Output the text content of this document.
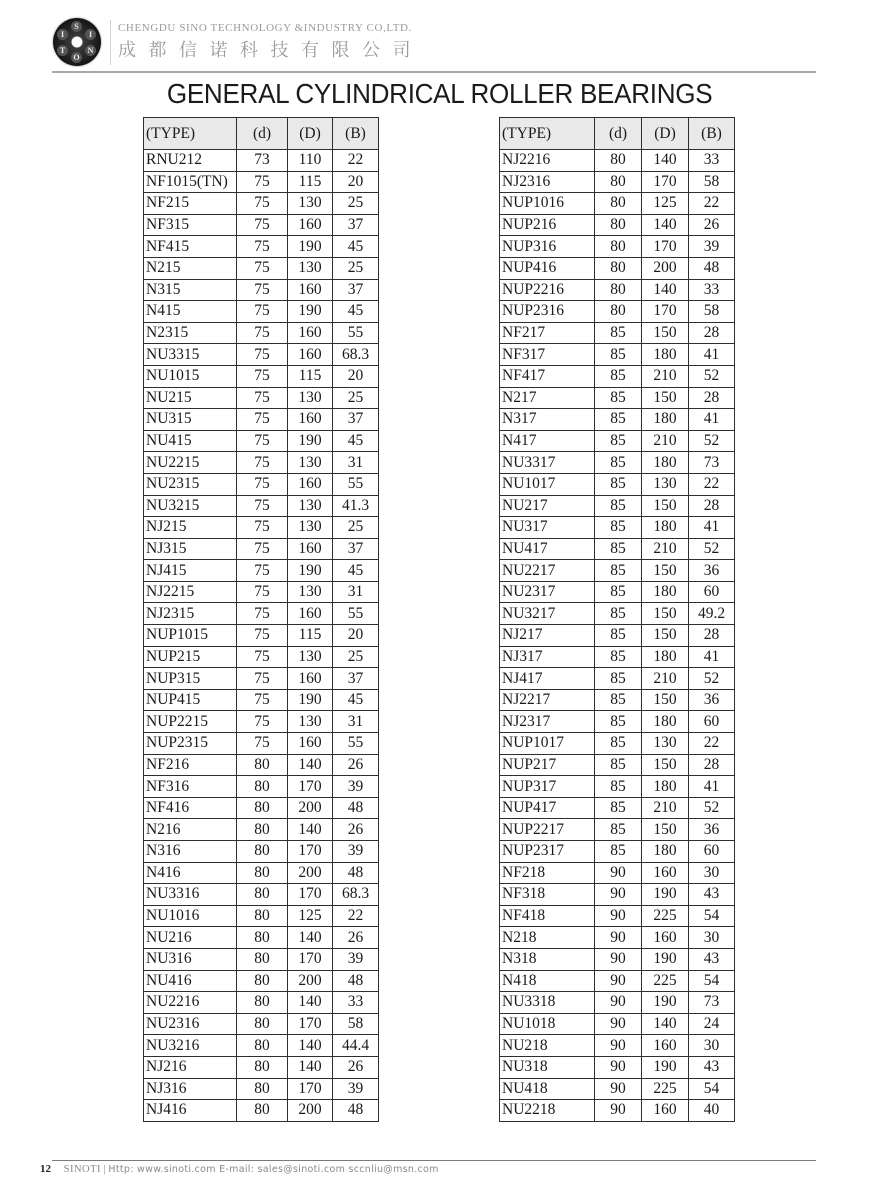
S
I
N
O
T
I
CHENGDU SINO TECHNOLOGY &INDUSTRY CO,LTD.
成都信诺科技有限公司
GENERAL CYLINDRICAL ROLLER BEARINGS
(TYPE)	(d)	(D)	(B)
RNU212	73	110	22
NF1015(TN)	75	115	20
NF215	75	130	25
NF315	75	160	37
NF415	75	190	45
N215	75	130	25
N315	75	160	37
N415	75	190	45
N2315	75	160	55
NU3315	75	160	68.3
NU1015	75	115	20
NU215	75	130	25
NU315	75	160	37
NU415	75	190	45
NU2215	75	130	31
NU2315	75	160	55
NU3215	75	130	41.3
NJ215	75	130	25
NJ315	75	160	37
NJ415	75	190	45
NJ2215	75	130	31
NJ2315	75	160	55
NUP1015	75	115	20
NUP215	75	130	25
NUP315	75	160	37
NUP415	75	190	45
NUP2215	75	130	31
NUP2315	75	160	55
NF216	80	140	26
NF316	80	170	39
NF416	80	200	48
N216	80	140	26
N316	80	170	39
N416	80	200	48
NU3316	80	170	68.3
NU1016	80	125	22
NU216	80	140	26
NU316	80	170	39
NU416	80	200	48
NU2216	80	140	33
NU2316	80	170	58
NU3216	80	140	44.4
NJ216	80	140	26
NJ316	80	170	39
NJ416	80	200	48
(TYPE)	(d)	(D)	(B)
NJ2216	80	140	33
NJ2316	80	170	58
NUP1016	80	125	22
NUP216	80	140	26
NUP316	80	170	39
NUP416	80	200	48
NUP2216	80	140	33
NUP2316	80	170	58
NF217	85	150	28
NF317	85	180	41
NF417	85	210	52
N217	85	150	28
N317	85	180	41
N417	85	210	52
NU3317	85	180	73
NU1017	85	130	22
NU217	85	150	28
NU317	85	180	41
NU417	85	210	52
NU2217	85	150	36
NU2317	85	180	60
NU3217	85	150	49.2
NJ217	85	150	28
NJ317	85	180	41
NJ417	85	210	52
NJ2217	85	150	36
NJ2317	85	180	60
NUP1017	85	130	22
NUP217	85	150	28
NUP317	85	180	41
NUP417	85	210	52
NUP2217	85	150	36
NUP2317	85	180	60
NF218	90	160	30
NF318	90	190	43
NF418	90	225	54
N218	90	160	30
N318	90	190	43
N418	90	225	54
NU3318	90	190	73
NU1018	90	140	24
NU218	90	160	30
NU318	90	190	43
NU418	90	225	54
NU2218	90	160	40
12 SINOTI | Http: www.sinoti.com E-mail: sales@sinoti.com sccnliu@msn.com
